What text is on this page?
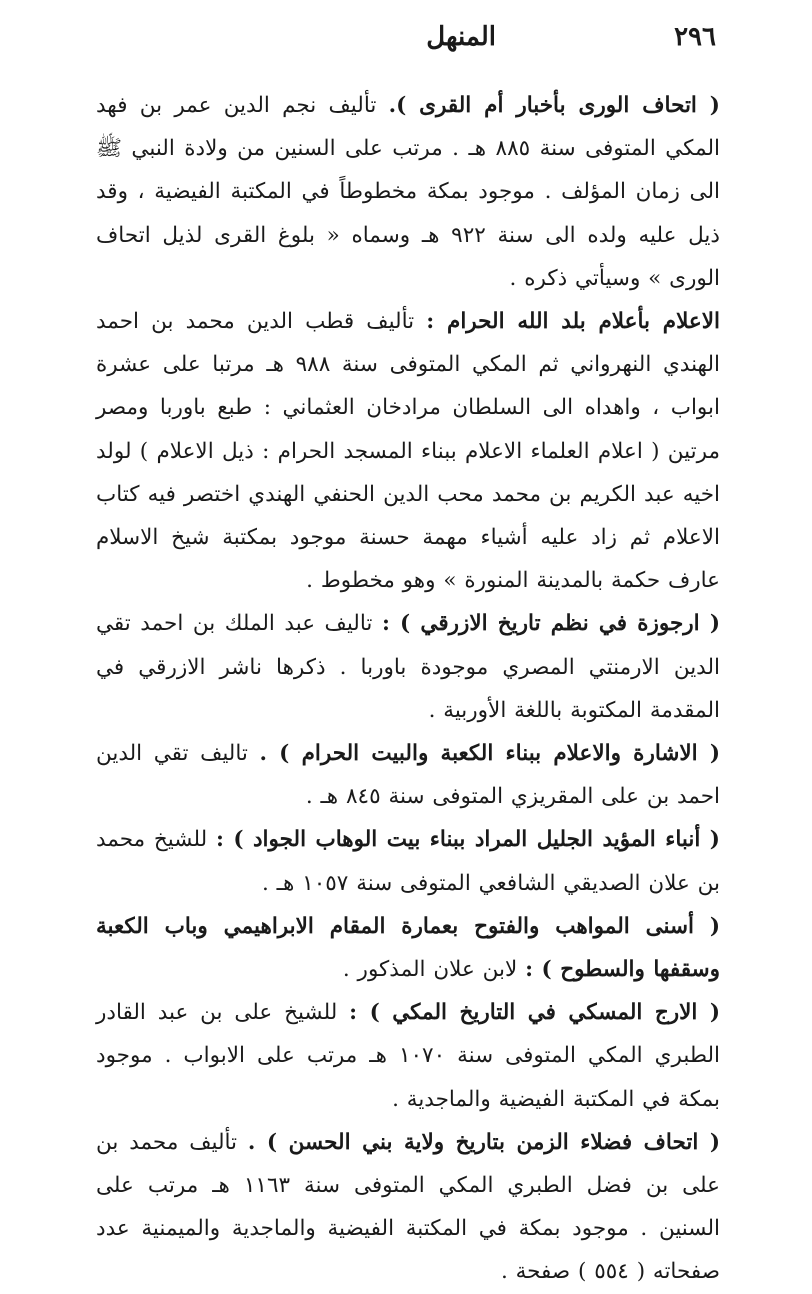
٢٩٦
المنهل

( اتحاف الورى بأخبار أم القرى ). تأليف نجم الدين عمر بن فهد المكي المتوفى سنة ٨٨٥ هـ . مرتب على السنين من ولادة النبي ﷺ الى زمان المؤلف . موجود بمكة مخطوطاً في المكتبة الفيضية ، وقد ذيل عليه ولده الى سنة ٩٢٢ هـ وسماه « بلوغ القرى لذيل اتحاف الورى » وسيأتي ذكره .

الاعلام بأعلام بلد الله الحرام : تأليف قطب الدين محمد بن احمد الهندي النهرواني ثم المكي المتوفى سنة ٩٨٨ هـ مرتبا على عشرة ابواب ، واهداه الى السلطان مرادخان العثماني : طبع باوربا ومصر مرتين ( اعلام العلماء الاعلام ببناء المسجد الحرام : ذيل الاعلام ) لولد اخيه عبد الكريم بن محمد محب الدين الحنفي الهندي اختصر فيه كتاب الاعلام ثم زاد عليه أشياء مهمة حسنة موجود بمكتبة شيخ الاسلام عارف حكمة بالمدينة المنورة » وهو مخطوط .

( ارجوزة في نظم تاريخ الازرقي ) : تاليف عبد الملك بن احمد تقي الدين الارمنتي المصري موجودة باوربا . ذكرها ناشر الازرقي في المقدمة المكتوبة باللغة الأوربية .

( الاشارة والاعلام ببناء الكعبة والبيت الحرام ) . تاليف تقي الدين احمد بن على المقريزي المتوفى سنة ٨٤٥ هـ .

( أنباء المؤيد الجليل المراد ببناء بيت الوهاب الجواد ) : للشيخ محمد بن علان الصديقي الشافعي المتوفى سنة ١٠٥٧ هـ .

( أسنى المواهب والفتوح بعمارة المقام الابراهيمي وباب الكعبة وسقفها والسطوح ) : لابن علان المذكور .

( الارج المسكي في التاريخ المكي ) : للشيخ على بن عبد القادر الطبري المكي المتوفى سنة ١٠٧٠ هـ مرتب على الابواب . موجود بمكة في المكتبة الفيضية والماجدية .

( اتحاف فضلاء الزمن بتاريخ ولاية بني الحسن ) . تأليف محمد بن على بن فضل الطبري المكي المتوفى سنة ١١٦٣ هـ مرتب على السنين . موجود بمكة في المكتبة الفيضية والماجدية والميمنية عدد صفحاته ( ٥٥٤ ) صفحة .
